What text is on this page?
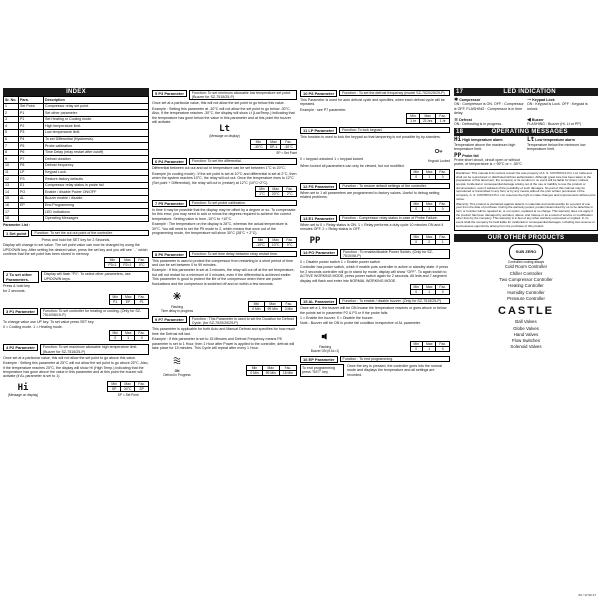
INDEX
Sr. No.	Para.	Description
1	Set Point	Compressor relay set point.
2	P1	Set other parameter.
3	P1	Set Heating or Cooling mode.
4	P2	High temperature limit.
5	P3	Low temperature limit.
6	P4	To set Differential (Hysteresis).
7	P5	Probe calibration
8	P6	Time Delay (relay restart after cutoff)
9	P7	Defrost duration
10	P8	Defrost frequency
11	LP	Keypad Lock.
12	FS	Restore factory defaults
13	E1	Compressor relay status in probe fail
14	PO	Enable / disable Power ON/OFF
15	AL	Buzzer enable / disable.
16	EP	End Programming
17		LED indications
18		Operating Messages
Parameter List :
1 Set point	Function: To set the cut out point of the controller.
Press and hold the SET key for 2 Seconds.
Display will change to set value. The set point value can now be changed by using the UP/DOWN key. After setting the desired value, press the set key and you will see ' - ' which confirms that the set point has been stored in memory.
Min	Max	Fac.
P3=1	P2=1	0°C
2 To set other Parameters.
Display will flash "P1". To select other parameters, use UP/DOWN keys.
Press & hold key for 2 seconds.
Min	Max	Fac.
P1	EP	P1
3 P1 Parameter	Function: To set controller for heating or cooling. (Only for SZ-7510/08/15-P)
To change value use UP key. To set value press SET key
0 = Cooling mode. 1 = Heating mode.
Min	Max	Fac.
0	1	0
4 P2 Parameter	Function: To set maximum allowable high temperature limit. (Buzzer for SZ-7515/25-P)
Once set at a particular value, this will not allow the set point to go above this value.
Example : Setting this parameter at 25°C will not allow the set point to go above 25°C. Also, if the temperature reaches 25°C, the display will show Hi (High Temp.) indicating that the temperature has gone above the value in this parameter and at this point the buzzer will activate (if AL parameter is set to 1)
Hi
(Message on display)
Min	Max	Fac.
SP	30°C	SP
SP = Set Point
5 P3 Parameter	Function: To set minimum allowable low temperature set point. (Buzzer for SZ-7515/25-P)
Once set at a particular value, this will not allow the set point to go below this value.
Example : Setting this parameter at -30°C will not allow the set point to go below -30°C. Also, if the temperature reaches -30°C, the display will show Lt (LowTemp.) indicating that the temperature has gone below the value in this parameter and at this point the buzzer will activate.
Lt
(Message on display)
Min	Max	Fac.
-30°C	SP-1	-30°C
SP = Set Point
6 P4 Parameter	Function: To set the differential.
Differential between cut out and cut in temperature can be set between 1°C to 20°C.
Example (in cooling mode) : If the set point is set at 10°C and differential is set at 2°C, then when the system reaches 10°C, the relay will cut out. Once the temperature rises to 12°C (Set point + Differential), the relay will cut in (restart) at 12°C (10°C+2°C).
Min	Max	Fac.
1°C	20°C	2°C
7 P5 Parameter	Function: To set probe calibration.
In time it may be possible that the display may be offset by a degree or so. To compensate for this error, you may need to add or minus the degrees required to achieve the correct temperature. Setting value is from -10°C to +10°C.
Example : The temperature on the display is 28°C, whereas the actual temperature is 30°C. You will need to set the P5 mode to 2, which means that once out of the programming mode, the temperature will show 30°C (28°C + 2°C).
Min	Max	Fac.
-10°C	10°C	0°C
8 P6 Parameter	Function: To set time delay between relay restart time.
This parameter is used to protect the compressor from restarting in a short period of time and can be set between 0 to 99 minutes.
Example : If this parameter is set at 3 minutes, the relay will cut off at the set temperature, but will not restart for a minimum of 3 minutes, even if the differential is achieved earlier. This parameter is good to protect the life of the compressor when there are power fluctuations and the compressor is switched off and on within a few seconds.
Flashing
Time delay in progress
Min	Max	Fac.
0 Min	99 Min	3 Min
9 P7 Parameter	Function : This Parameter is used to set the Duration for Defrost Cycle. (for SZ-7520/25/29-P)
This parameter is applicable for both Auto and Manual Defrost and specifies for how much time the Defrost will last.
Example : If this parameter is set to 15 Minutes and Defrost Frequency means P8 parameter is set to 1 Hour, then 1 Hour after Power is applied to the controller, defrost will take place for 15 minutes. This Cycle will repeat after every 1 Hour.
ON
Defrost in Progress
Min	Max	Fac.
0 Min	99 Min	15 Min
10 P8 Parameter	Function : To set the defrost frequency (model SZ-7520/25/29-P)
This Parameter is used for auto defrost cycle and specifies, when each defrost cycle will be repeated.
Example : see P7 parameter.
Min	Max	Fac.
1 hr	21 hrs	1 hr
11 LP Parameter	Function: To lock keypad.
This function is used to lock the keypad so that tampering is not possible by by-standers.
0 = keypad unlocked 1 = keypad locked	Keypad Locked
When locked all parameters can only be viewed, but not modified.
Min	Max	Fac.
0	1	0
12 FS Parameter	Function : To restore default settings of the controller.
When set to 1 all parameters are programmed to factory values. Useful to debug setting related problems.
Min	Max	Fac.
0	1	0
13 E1 Parameter	Function : Compressor relay status in case of Probe Failure.
When set to 0 = Relay status is ON. 1 = Relay performs a duty cycle 10 minutes ON and 4 minutes OFF. 2 = Relay status is OFF.
PP	Min	Max	Fac.
0	2	1
14 PO Parameter	Function : To enable/disable Power Switch. (Only for SZ-7510/08-P)
0 = Disable power switch 1 = Enable power switch
Controller has power switch, which if enable puts controller in active or standby state. If press for 2 seconds controller will go in stand by mode, display will show "OFF". To again switch to ACTIVE WORKING MODE, press power switch again for 2 seconds. All leds and 7-segment display will flash and enter into NORMAL WORKING MODE.
Min	Max	Fac.
0	1	0
15 AL Parameter	Function : To enable / disable buzzer. (Only for SZ-7515/25-P)
Once set a 1, the buzzer will be ON incase the temperature reaches or goes above or below the points set in parameter P2 & P3 or if the probe fails.
1 = Enable the buzzer. 0 = Disable the buzzer.
Note - Buzzer will be ON in probe fail condition irrespective of AL parameter.
Flashing
Buzzer ON (if AL=1)
Min	Max	Fac.
0	1	0
16 EP Parameter	Function : To end programming.
To end programming press "SET" key
Once the key is pressed, the controller goes into the normal mode and displays the temperature and all settings are recorded.
17	LED INDICATION
✱ Compressor
ON : Compressor is ON. OFF : Compressor is OFF. FLASHING : Compressor is in time delay.
⊸ Keypad Lock
ON : Keypad is Lock. OFF : Keypad is unlock.
≋ Defrost
ON : Defrosting is in progress.
◀ Buzzer
FLASHING : Buzzer (Hi, Lt or PP)
18	OPERATING MESSAGES
Hi High temperature alarm
Temperature above the maximum high temperature limit.
Lt Low temperature alarm
Temperature below the minimum low temperature limit.
PP Probe fail
Probe short circuit, circuit open or without probe, or temperature is > 99°C or < -50°C
Disclaimer: This manual & its content remain the sole property of A. S. CONTROLS Pvt. Ltd. India and shall not be reproduced or distributed without authorisation. Although great care has been taken in the preparation of this document, the company or its vendors in no event will be liable for direct, indirect, special, incidental or consequential damage arising out of the use or inability to use the product or documentation, even if advised of the possibility of such damages. No part of this manual may be reproduced or transmitted in any form or by any means without the prior written permission of the company. A. S. CONTROLS Pvt. Ltd. reserves the right to make changes and improvements without prior notice.
Warranty: This product is warranted against defects in materials and workmanship for a period of one year from the date of purchase. During the warranty period, product determined by us to be defective in form or function will be repaired at, or our option, replaced at no charge. This warranty does not apply if the product has been damaged by accident, abuse, and misuse or as a result of service or modification other than by the company. This warranty is in lieu of any other warranty expressed or implied. In no event shall the company be held liable for incidental or consequential damages, including lost revenue or lost business opportunity arising from the purchase of this product.
OUR OTHER PRODUCTS
SUB ZERO
Controlled cooling always
Cold Room Controller
Chiller Controller
Two Compressor Controller
Heating Controller
Humidity Controller
Pressure Controller
CASTLE
Ball Valves
Globe Valves
Hand Valves
Flow Switches
Solenoid Valves
03 / 17.02.17
